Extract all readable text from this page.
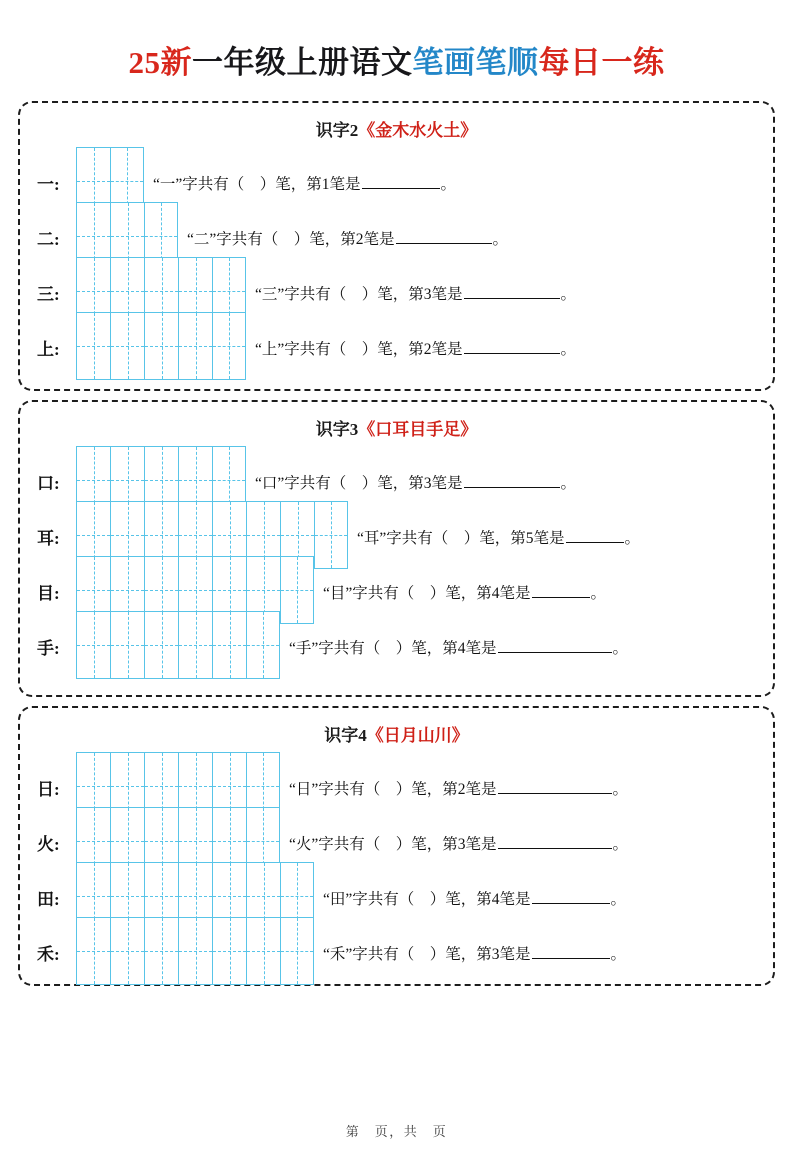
25新一年级上册语文笔画笔顺每日一练
识字2《金木水火土》
一:	“一”字共有（　）笔，第1笔是	。
二:	“二”字共有（　）笔，第2笔是	。
三:	“三”字共有（　）笔，第3笔是	。
上:	“上”字共有（　）笔，第2笔是	。
识字3《口耳目手足》
口:	“口”字共有（　）笔，第3笔是	。
耳:	“耳”字共有（　）笔，第5笔是	。
目:	“目”字共有（　）笔，第4笔是	。
手:	“手”字共有（　）笔，第4笔是	。
识字4《日月山川》
日:	“日”字共有（　）笔，第2笔是	。
火:	“火”字共有（　）笔，第3笔是	。
田:	“田”字共有（　）笔，第4笔是	。
禾:	“禾”字共有（　）笔，第3笔是	。
第　页，共　页
